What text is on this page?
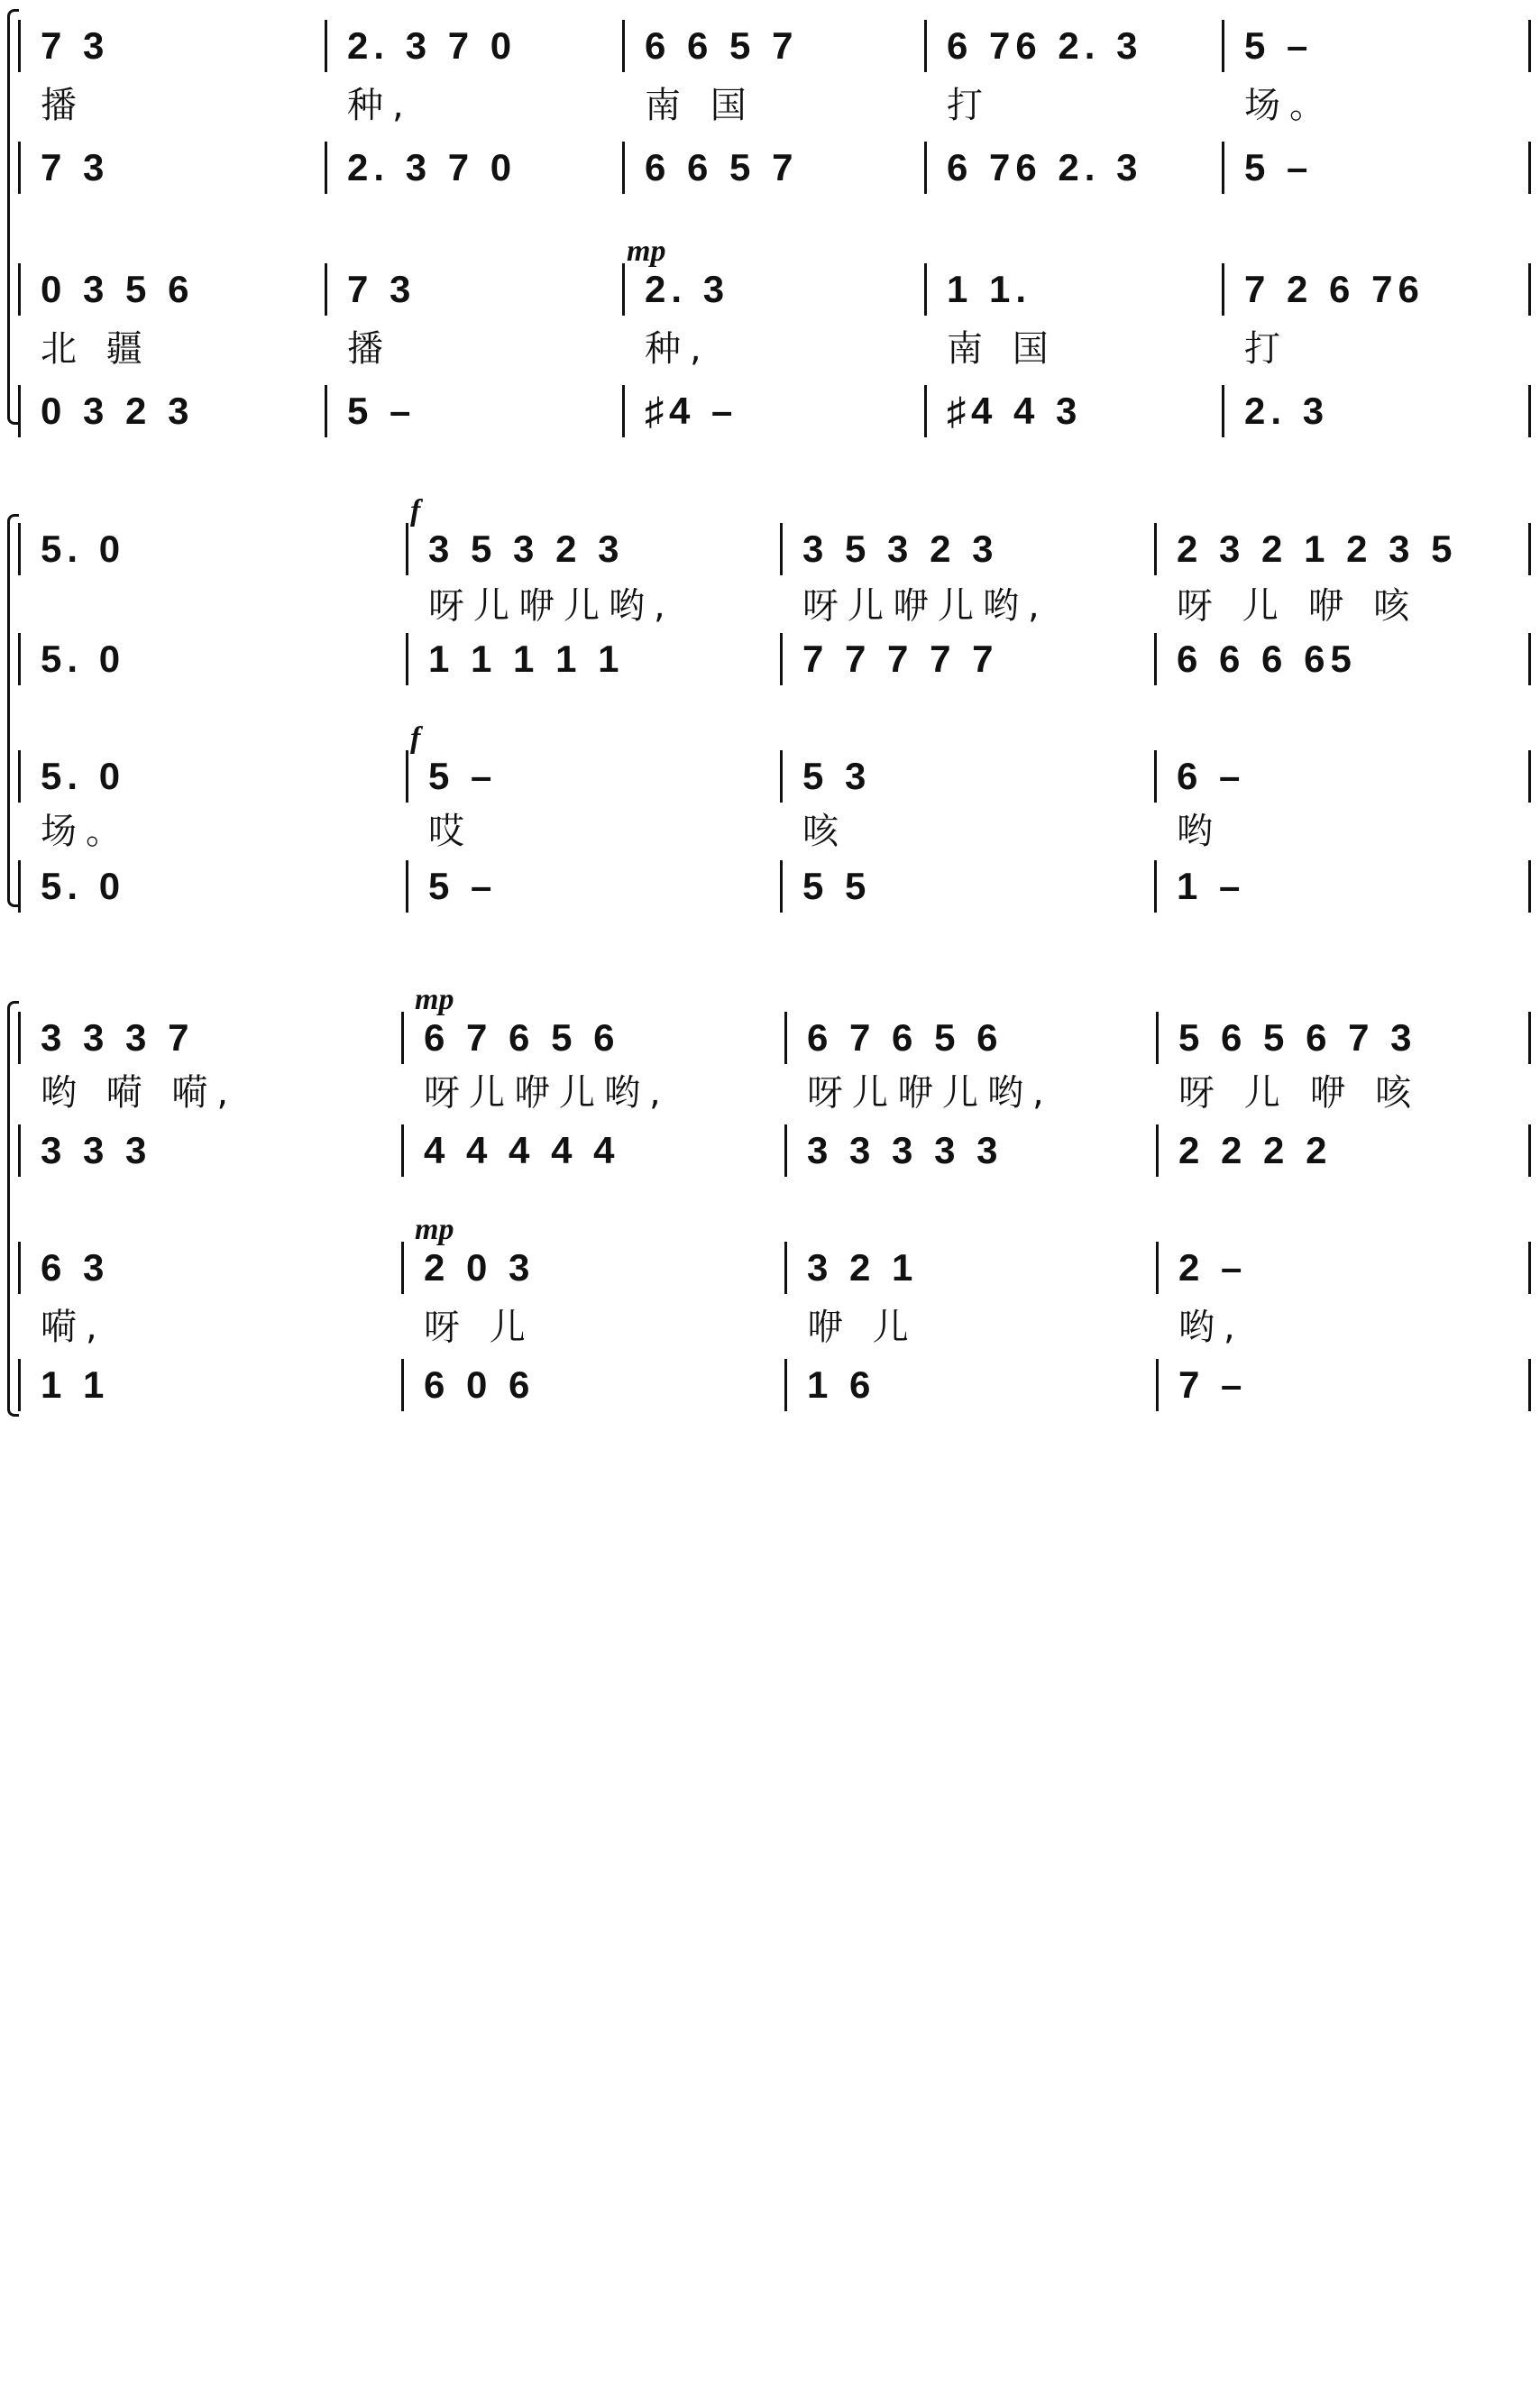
7 3	2. 3 7 0	6 6 5 7	6 76 2. 3	5 –
播	种,	南 国	打	场。
7 3	2. 3 7 0	6 6 5 7	6 76 2. 3	5 –
0 3 5 6	7 3	2. 3	1 1.	7 2 6 76
北 疆	播	种,	南 国	打
0 3 2 3	5 –	♯4 –	♯4 4 3	2. 3
mp
5. 0	3 5 3 2 3	3 5 3 2 3	2 3 2 1 2 3 5
呀儿咿儿哟,	呀儿咿儿哟,	呀 儿 咿 咳
5. 0	1 1 1 1 1	7 7 7 7 7	6 6 6 65
5. 0	5 –	5 3	6 –
场。	哎	咳	哟
5. 0	5 –	5 5	1 –
f
f
3 3 3 7	6 7 6 5 6	6 7 6 5 6	5 6 5 6 7 3
哟 嗬 嗬,	呀儿咿儿哟,	呀儿咿儿哟,	呀 儿 咿 咳
3 3 3	4 4 4 4 4	3 3 3 3 3	2 2 2 2
6 3	2 0 3	3 2 1	2 –
嗬,	呀 儿	咿 儿	哟,
1 1	6 0 6	1 6	7 –
mp
mp
